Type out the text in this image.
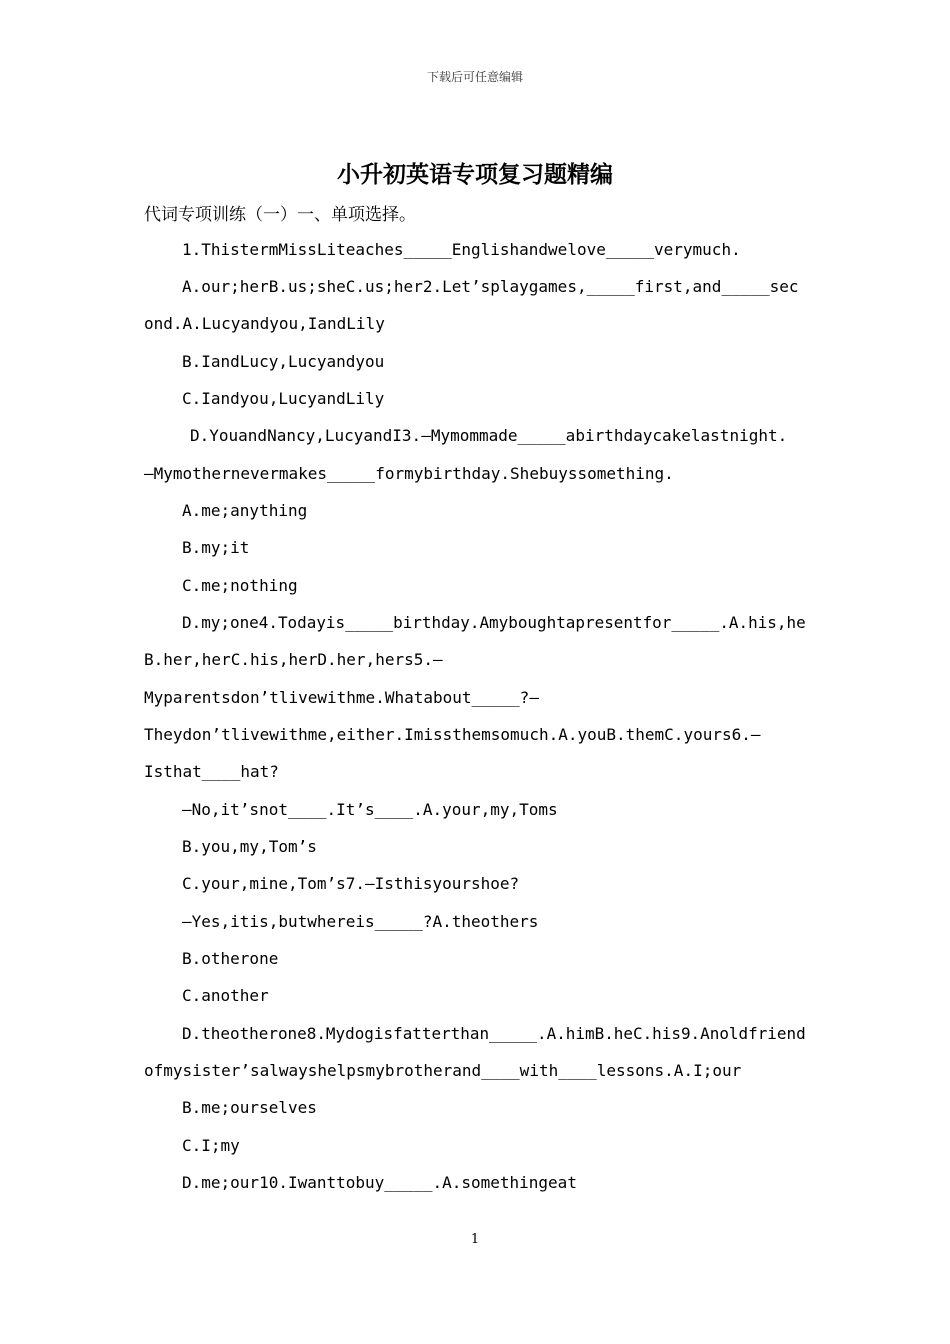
下载后可任意编辑
小升初英语专项复习题精编
代词专项训练（一）一、单项选择。
1.ThistermMissLiteaches_____Englishandwelove_____verymuch.
A.our;herB.us;sheC.us;her2.Let’splaygames,_____first,and_____sec
ond.A.Lucyandyou,IandLily
B.IandLucy,Lucyandyou
C.Iandyou,LucyandLily
D.YouandNancy,LucyandI3.—Mymommade_____abirthdaycakelastnight.
—Mymothernevermakes_____formybirthday.Shebuyssomething.
A.me;anything
B.my;it
C.me;nothing
D.my;one4.Todayis_____birthday.Amyboughtapresentfor_____.A.his,he
B.her,herC.his,herD.her,hers5.—
Myparentsdon’tlivewithme.Whatabout_____?—
Theydon’tlivewithme,either.Imissthemsomuch.A.youB.themC.yours6.—
Isthat____hat?
—No,it’snot____.It’s____.A.your,my,Toms
B.you,my,Tom’s
C.your,mine,Tom’s7.—Isthisyourshoe?
—Yes,itis,butwhereis_____?A.theothers
B.otherone
C.another
D.theotherone8.Mydogisfatterthan_____.A.himB.heC.his9.Anoldfriend
ofmysister’salwayshelpsmybrotherand____with____lessons.A.I;our
B.me;ourselves
C.I;my
D.me;our10.Iwanttobuy_____.A.somethingeat
1
